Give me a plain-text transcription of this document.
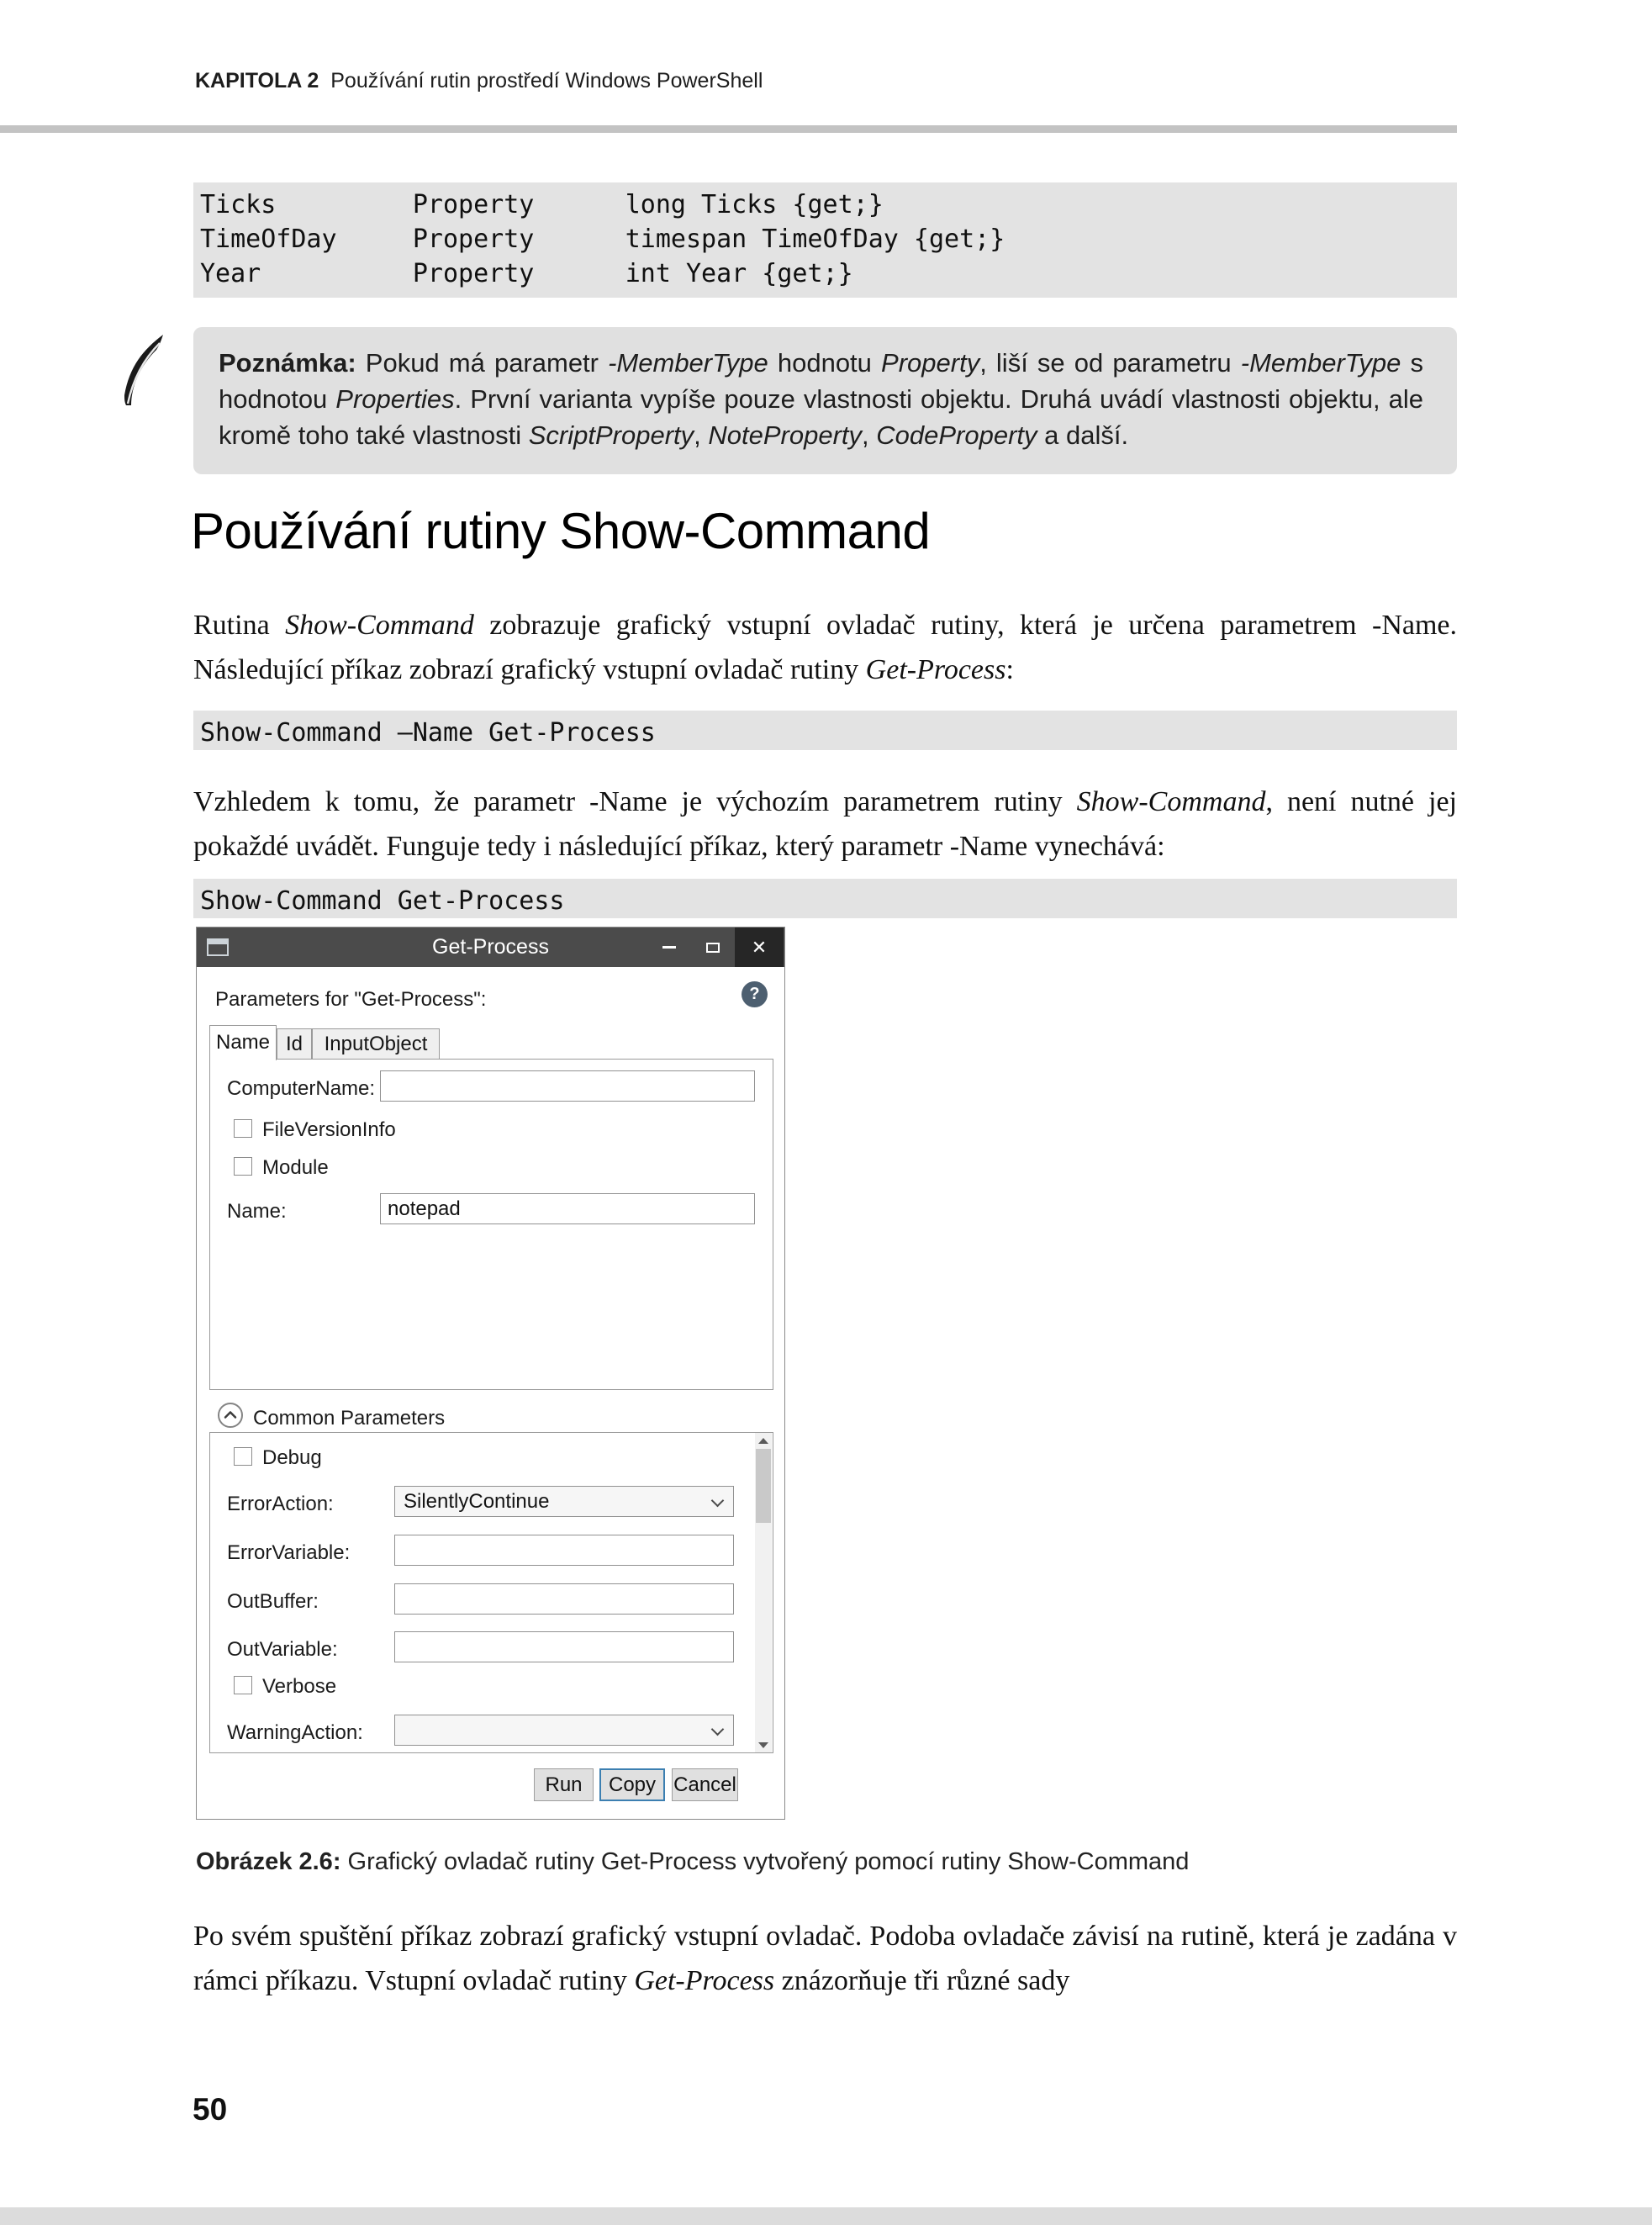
KAPITOLA 2 Používání rutin prostředí Windows PowerShell
Ticks         Property      long Ticks {get;}
TimeOfDay     Property      timespan TimeOfDay {get;}
Year          Property      int Year {get;}

Poznámka: Pokud má parametr -MemberType hodnotu Property, liší se od parametru -MemberType s hodnotou Properties. První varianta vypíše pouze vlastnosti objektu. Druhá uvádí vlastnosti objektu, ale kromě toho také vlastnosti ScriptProperty, NoteProperty, CodeProperty a další.

Používání rutiny Show-Command

Rutina Show-Command zobrazuje grafický vstupní ovladač rutiny, která je určena parametrem -Name. Následující příkaz zobrazí grafický vstupní ovladač rutiny Get-Process:

Show-Command –Name Get-Process

Vzhledem k tomu, že parametr -Name je výchozím parametrem rutiny Show-Command, není nutné jej pokaždé uvádět. Funguje tedy i následující příkaz, který parametr -Name vynechává:

Show-Command Get-Process
Get-Process	✕
Parameters for "Get-Process":	?
Name Id	InputObject
ComputerName:
FileVersionInfo
Module
Name:
notepad
Common Parameters
Debug
ErrorAction:	SilentlyContinue
ErrorVariable:
OutBuffer:
OutVariable:
Verbose
WarningAction:
Run	Copy Cancel

Obrázek 2.6: Grafický ovladač rutiny Get-Process vytvořený pomocí rutiny Show-Command

Po svém spuštění příkaz zobrazí grafický vstupní ovladač. Podoba ovladače závisí na rutině, která je zadána v rámci příkazu. Vstupní ovladač rutiny Get-Process znázorňuje tři různé sady

50
